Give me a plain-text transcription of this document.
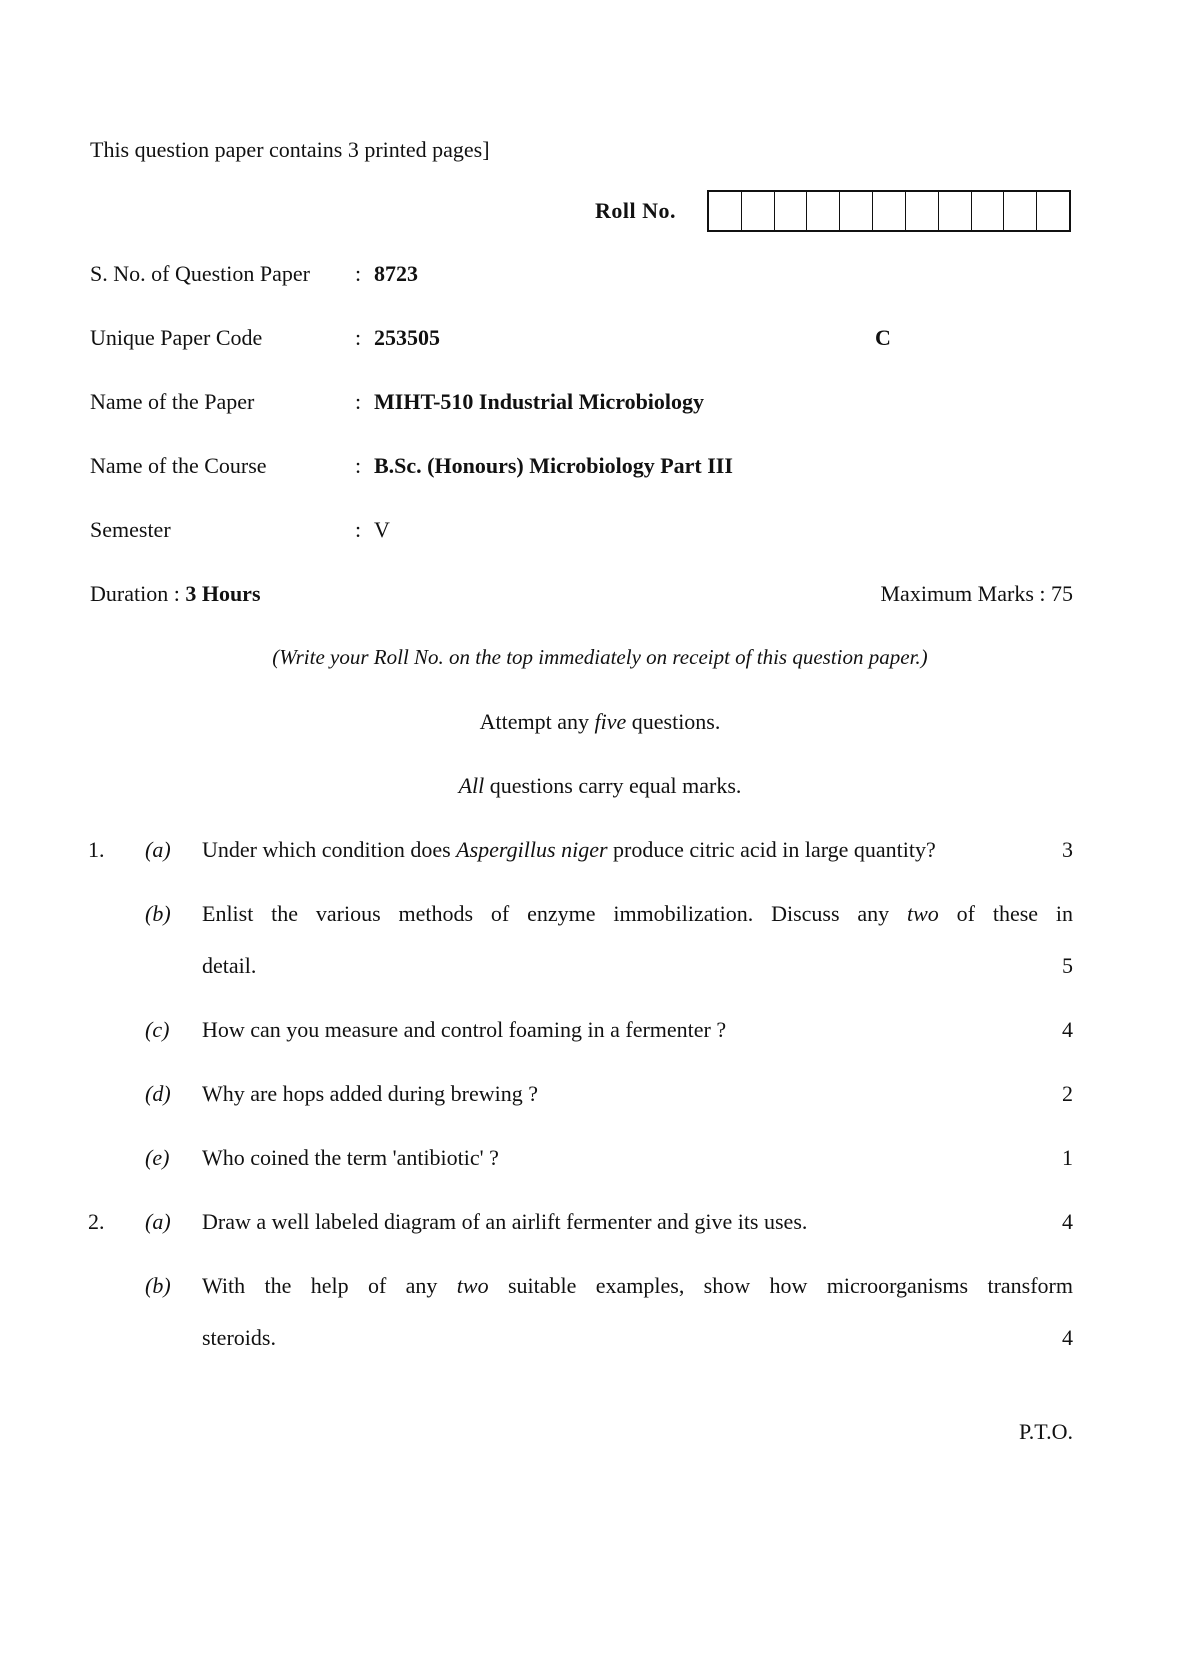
This question paper contains 3 printed pages]
Roll No.
S. No. of Question Paper : 8723
Unique Paper Code	: 253505	C
Name of the Paper	: MIHT-510 Industrial Microbiology
Name of the Course	: B.Sc. (Honours) Microbiology Part III
Semester	: V
Duration : 3 Hours	Maximum Marks : 75
(Write your Roll No. on the top immediately on receipt of this question paper.)
Attempt any five questions.
All questions carry equal marks.
1. (a) Under which condition does Aspergillus niger produce citric acid in large quantity?	3
(b) Enlist the various methods of enzyme immobilization. Discuss any two of these in
detail.	5
(c) How can you measure and control foaming in a fermenter ?	4
(d) Why are hops added during brewing ?	2
(e) Who coined the term 'antibiotic' ?	1
2. (a) Draw a well labeled diagram of an airlift fermenter and give its uses.	4
(b) With the help of any two suitable examples, show how microorganisms transform
steroids.	4
P.T.O.
